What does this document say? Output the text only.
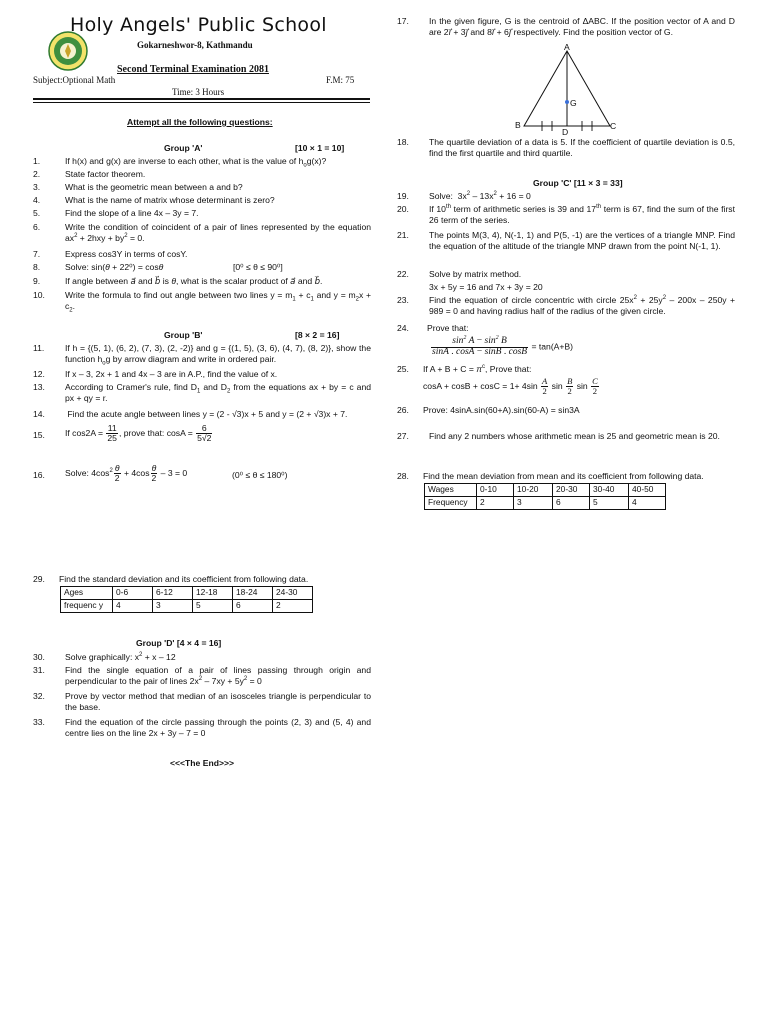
Holy Angels' Public School
Gokarneshwor-8, Kathmandu
Second Terminal Examination 2081
Subject:Optional Math	F.M: 75
Time: 3 Hours
Attempt all the following questions:
Group 'A'	[10 × 1 = 10]
1.	If h(x) and g(x) are inverse to each other, what is the value of $h_og(x)$?
2.	State factor theorem.
3.	What is the geometric mean between a and b?
4.	What is the name of matrix whose determinant is zero?
5.	Find the slope of a line 4x – 3y = 7.
6.	Write the condition of coincident of a pair of lines represented by the equation $ax^2 + 2hxy + by^2 = 0$.
7.	Express cos3Y in terms of cosY.
8.	Solve: sin(θ + 22⁰) = cosθ	[0⁰ ≤ θ ≤ 90⁰]
9.	If angle between a⃗ and b⃗ is θ, what is the scalar product of a⃗ and b⃗.
10. Write the formula to find out angle between two lines $y = m_1 + c_1$ and $y = m_2x + c_2$.
Group 'B'	[8 × 2 = 16]
11. If h = {(5, 1), (6, 2), (7, 3), (2, -2)} and g = {(1, 5), (3, 6), (4, 7), (8, 2)}, show the function $h_og$ by arrow diagram and write in ordered pair.
12. If x – 3, 2x + 1 and 4x – 3 are in A.P., find the value of x.
13. According to Cramer's rule, find $D_1$ and $D_2$ from the equations ax + by = c and px + qy = r.
14. Find the acute angle between lines y = (2 - √3)x + 5 and y = (2 + √3)x + 7.
15. If $\cos 2A = \frac{11}{25}$ , prove that: $\cos A = \frac{6}{5√2}$
16. Solve: $4\cos^2 \frac{\theta}{2} + 4\cos \frac{\theta}{2} - 3 = 0$	(0⁰ ≤ θ ≤ 180⁰)
17. In the given figure, G is the centroid of ΔABC. If the position vector of A and D are 2i⃗ + 3j⃗ and 8i⃗ + 6j⃗ respectively. Find the position vector of G.
A
B	C
D
G
18. The quartile deviation of a data is 5. If the coefficient of quartile deviation is 0.5, find the first quartile and third quartile.
Group 'C' [11 × 3 = 33]
19. Solve:  $3x^2 - 13x^2 + 16 = 0$
20. If 10th term of arithmetic series is 39 and 17th term is 67, find the sum of the first 26 term of the series.
21. The points M(3, 4), N(-1, 1) and P(5, -1) are the vertices of a triangle MNP. Find the equation of the altitude of the triangle MNP drawn from the point N(-1, 1).
22. Solve by matrix method.
3x + 5y = 16 and 7x + 3y = 20
23. Find the equation of circle concentric with circle $25x^2 + 25y^2 - 200x - 250y + 989 = 0$ and having radius half of the radius of the given circle.
24. Prove that:
$\frac{\sin^2 A - \sin^2 B}{\sin A . \cos A - \sin B . \cos B} = \tan(A+B)$
25. If $A + B + C = \pi^c$, Prove that:
$\cos A + \cos B + \cos C = 1+ 4\sin \frac{A}{2}$ $\sin \frac{B}{2}$ $\sin \frac{C}{2}$
26. Prove: 4sinA.sin(60+A).sin(60-A) = sin3A
27. Find any 2 numbers whose arithmetic mean is 25 and geometric mean is 20.
28. Find the mean deviation from mean and its coefficient from following data.
Wages	0-10	10-20	20-30	30-40	40-50
Frequency	2	3	6	5	4
29. Find the standard deviation and its coefficient from following data.
Ages	0-6	6-12	12-18	18-24	24-30
frequenc y	4	3	5	6	2
Group 'D' [4 × 4 = 16]
30. Solve graphically: $x^2 + x - 12$
31. Find the single equation of a pair of lines passing through origin and perpendicular to the pair of lines $2x^2 - 7xy + 5y^2 = 0$
32. Prove by vector method that median of an isosceles triangle is perpendicular to the base.
33. Find the equation of the circle passing through the points (2, 3) and (5, 4) and centre lies on the line 2x + 3y – 7 = 0
<<<The End>>>
